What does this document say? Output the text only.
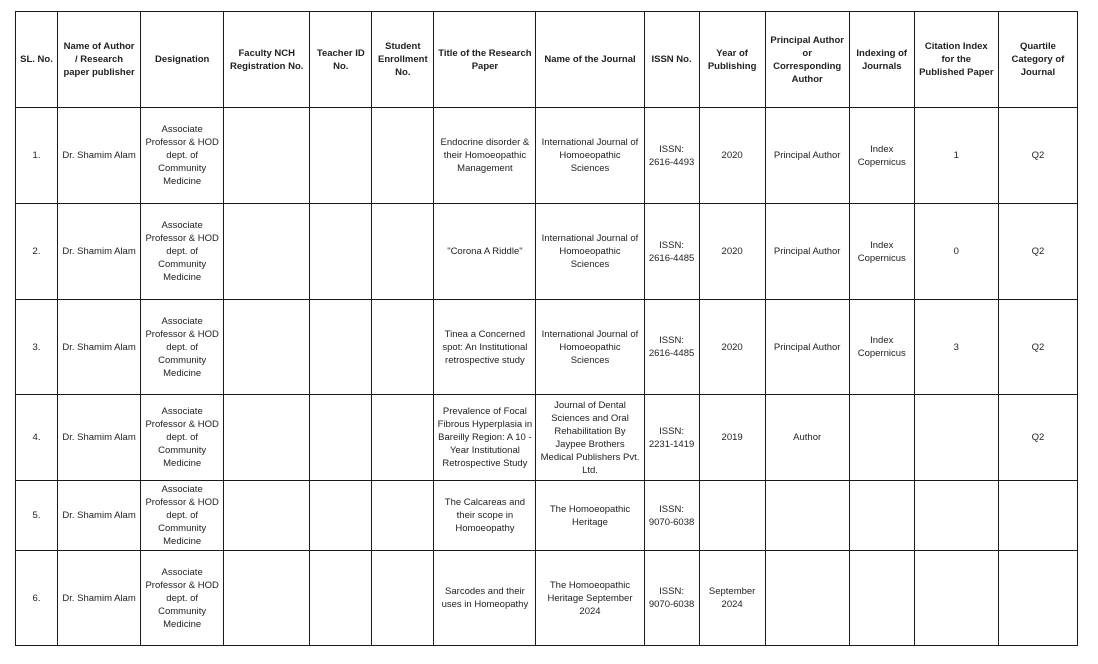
SL. No.	Name of Author / Research paper publisher	Designation	Faculty NCH Registration No.	Teacher ID No.	Student Enrollment No.	Title of the Research Paper	Name of the Journal	ISSN No.	Year of Publishing	Principal Author or Corresponding Author	Indexing of Journals	Citation Index for the Published Paper	Quartile Category of Journal
1.	Dr. Shamim Alam	Associate Professor & HOD dept. of Community Medicine				Endocrine disorder & their Homoeopathic Management	International Journal of Homoeopathic Sciences	ISSN: 2616-4493	2020	Principal Author	Index Copernicus	1	Q2
2.	Dr. Shamim Alam	Associate Professor & HOD dept. of Community Medicine				"Corona A Riddle"	International Journal of Homoeopathic Sciences	ISSN: 2616-4485	2020	Principal Author	Index Copernicus	0	Q2
3.	Dr. Shamim Alam	Associate Professor & HOD dept. of Community Medicine				Tinea a Concerned spot: An Institutional retrospective study	International Journal of Homoeopathic Sciences	ISSN: 2616-4485	2020	Principal Author	Index Copernicus	3	Q2
4.	Dr. Shamim Alam	Associate Professor & HOD dept. of Community Medicine				Prevalence of Focal Fibrous Hyperplasia in Bareilly Region: A 10 - Year Institutional Retrospective Study	Journal of Dental Sciences and Oral Rehabilitation By Jaypee Brothers Medical Publishers Pvt. Ltd.	ISSN: 2231-1419	2019	Author			Q2
5.	Dr. Shamim Alam	Associate Professor & HOD dept. of Community Medicine				The Calcareas and their scope in Homoeopathy	The Homoeopathic Heritage	ISSN: 9070-6038					
6.	Dr. Shamim Alam	Associate Professor & HOD dept. of Community Medicine				Sarcodes and their uses in Homeopathy	The Homoeopathic Heritage September 2024	ISSN: 9070-6038	September 2024				
